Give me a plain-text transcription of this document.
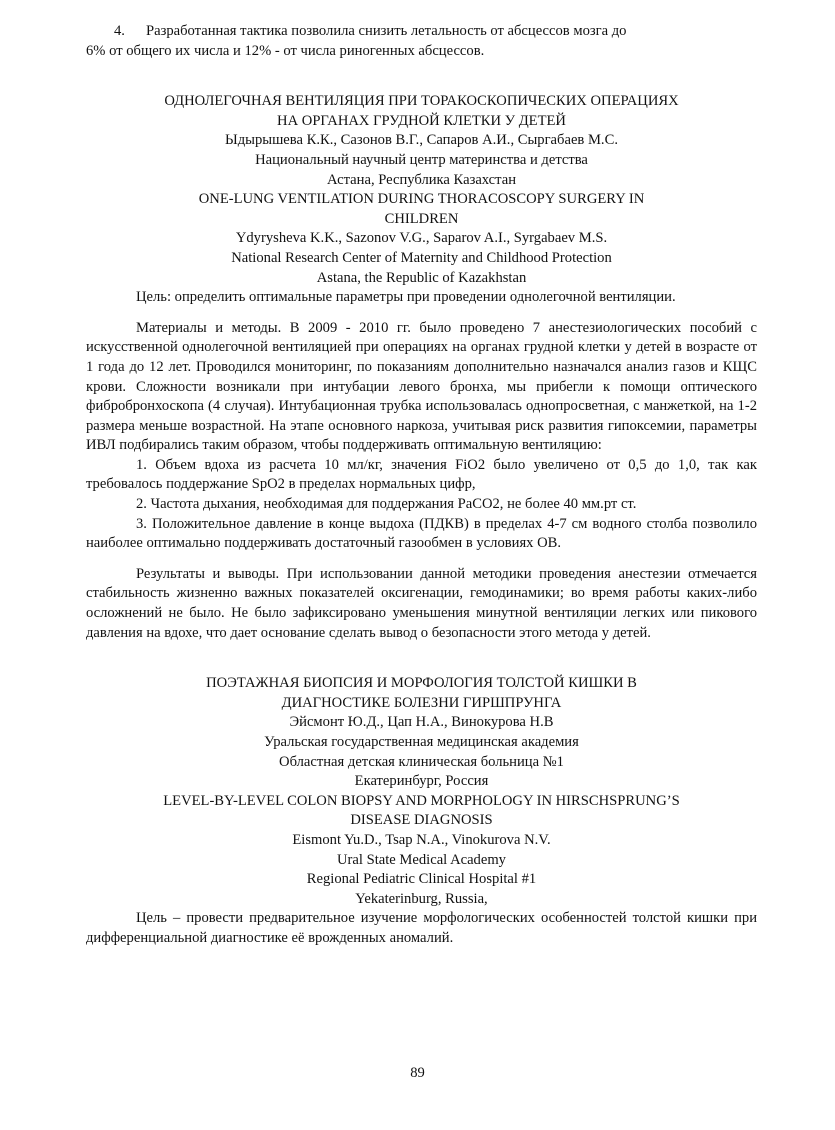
4.	Разработанная тактика позволила снизить летальность от абсцессов мозга до

6% от общего их числа и 12% - от числа риногенных абсцессов.

ОДНОЛЕГОЧНАЯ ВЕНТИЛЯЦИЯ ПРИ ТОРАКОСКОПИЧЕСКИХ ОПЕРАЦИЯХ

НА ОРГАНАХ ГРУДНОЙ КЛЕТКИ У ДЕТЕЙ

Ыдырышева К.К., Сазонов В.Г., Сапаров А.И., Сыргабаев М.С.

Национальный научный центр материнства и детства

Астана, Республика Казахстан

ONE-LUNG VENTILATION DURING THORACOSCOPY SURGERY IN

CHILDREN

Ydyrysheva K.K., Sazonov V.G., Saparov A.I., Syrgabaev M.S.

National Research Center of Maternity and Childhood Protection

Astana, the Republic of Kazakhstan

Цель: определить оптимальные параметры при проведении однолегочной вентиляции.

Материалы и методы. В 2009 - 2010 гг. было проведено 7 анестезиологических пособий с искусственной однолегочной вентиляцией при операциях на органах грудной клетки у детей в возрасте от 1 года до 12 лет. Проводился мониторинг, по показаниям дополнительно назначался анализ газов и КЩС крови. Сложности возникали при интубации левого бронха, мы прибегли к помощи оптического фибробронхоскопа (4 случая). Интубационная трубка использовалась однопросветная, с манжеткой, на 1-2 размера меньше возрастной. На этапе основного наркоза, учитывая риск развития гипоксемии, параметры ИВЛ подбирались таким образом, чтобы поддерживать оптимальную вентиляцию:

1. Объем вдоха из расчета 10 мл/кг, значения FiO2 было увеличено от 0,5 до 1,0, так как требовалось поддержание SpO2 в пределах нормальных цифр,

2. Частота дыхания, необходимая для поддержания PaCO2, не более 40 мм.рт ст.

3. Положительное давление в конце выдоха (ПДКВ) в пределах 4-7 см водного столба позволило наиболее оптимально поддерживать достаточный газообмен в условиях ОВ.

Результаты и выводы. При использовании данной методики проведения анестезии отмечается стабильность жизненно важных показателей оксигенации, гемодинамики; во время работы каких-либо осложнений не было. Не было зафиксировано уменьшения минутной вентиляции легких или пикового давления на вдохе, что дает основание сделать вывод о безопасности этого метода у детей.

ПОЭТАЖНАЯ БИОПСИЯ И МОРФОЛОГИЯ ТОЛСТОЙ КИШКИ В

ДИАГНОСТИКЕ БОЛЕЗНИ ГИРШПРУНГА

Эйсмонт Ю.Д., Цап Н.А., Винокурова Н.В

Уральская государственная медицинская академия

Областная детская клиническая больница №1

Екатеринбург, Россия

LEVEL-BY-LEVEL COLON BIOPSY AND MORPHOLOGY IN HIRSCHSPRUNG’S

DISEASE DIAGNOSIS

Eismont Yu.D., Tsap N.A., Vinokurova N.V.

Ural State Medical Academy

Regional Pediatric Clinical Hospital #1

Yekaterinburg, Russia,

Цель – провести предварительное изучение морфологических особенностей толстой кишки при дифференциальной диагностике её врожденных аномалий.

89
